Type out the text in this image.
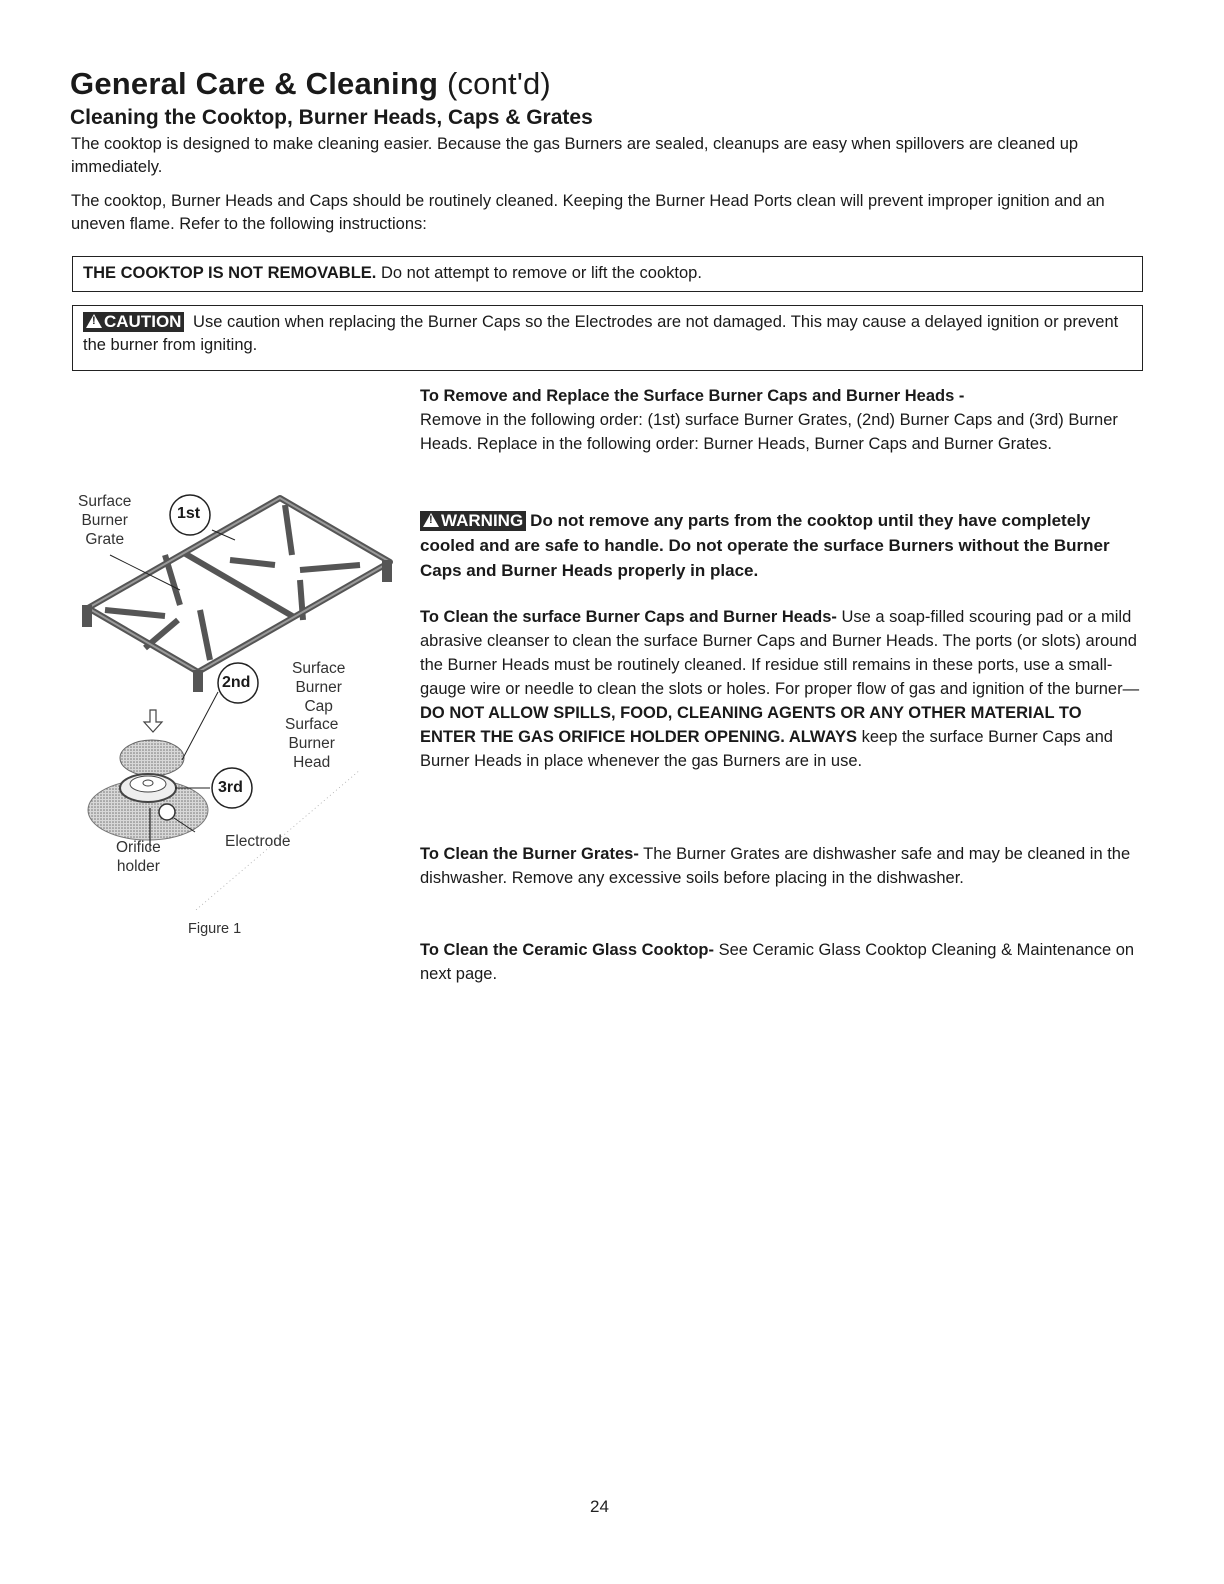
General Care & Cleaning (cont'd)
Cleaning the Cooktop, Burner Heads, Caps & Grates
The cooktop is designed to make cleaning easier. Because the gas Burners are sealed, cleanups are easy when spillovers are cleaned up immediately.
The cooktop, Burner Heads and Caps should be routinely cleaned. Keeping the Burner Head Ports clean will prevent improper ignition and an uneven flame. Refer to the following instructions:
THE COOKTOP IS NOT REMOVABLE. Do not attempt to remove or lift the cooktop.
!CAUTION Use caution when replacing the Burner Caps so the Electrodes are not damaged. This may cause a delayed ignition or prevent the burner from igniting.
Surface
Burner
Grate
1st
Surface
Burner
Cap
2nd
Surface
Burner
Head
3rd
Orifice
holder
Electrode
Figure 1
To Remove and Replace the Surface Burner Caps and Burner Heads -
Remove in the following order: (1st) surface Burner Grates, (2nd) Burner Caps and (3rd) Burner Heads. Replace in the following order: Burner Heads, Burner Caps and Burner Grates.
!WARNING Do not remove any parts from the cooktop until they have completely cooled and are safe to handle. Do not operate the surface Burners without the Burner Caps and Burner Heads properly in place.
To Clean the surface Burner Caps and Burner Heads- Use a soap-filled scouring pad or a mild abrasive cleanser to clean the surface Burner Caps and Burner Heads. The ports (or slots) around the Burner Heads must be routinely cleaned. If residue still remains in these ports, use a small-gauge wire or needle to clean the slots or holes. For proper flow of gas and ignition of the burner—DO NOT ALLOW SPILLS, FOOD, CLEANING AGENTS OR ANY OTHER MATERIAL TO ENTER THE GAS ORIFICE HOLDER OPENING. ALWAYS keep the surface Burner Caps and Burner Heads in place whenever the gas Burners are in use.
To Clean the Burner Grates- The Burner Grates are dishwasher safe and may be cleaned in the dishwasher. Remove any excessive soils before placing in the dishwasher.
To Clean the Ceramic Glass Cooktop- See Ceramic Glass Cooktop Cleaning & Maintenance on next page.
24
